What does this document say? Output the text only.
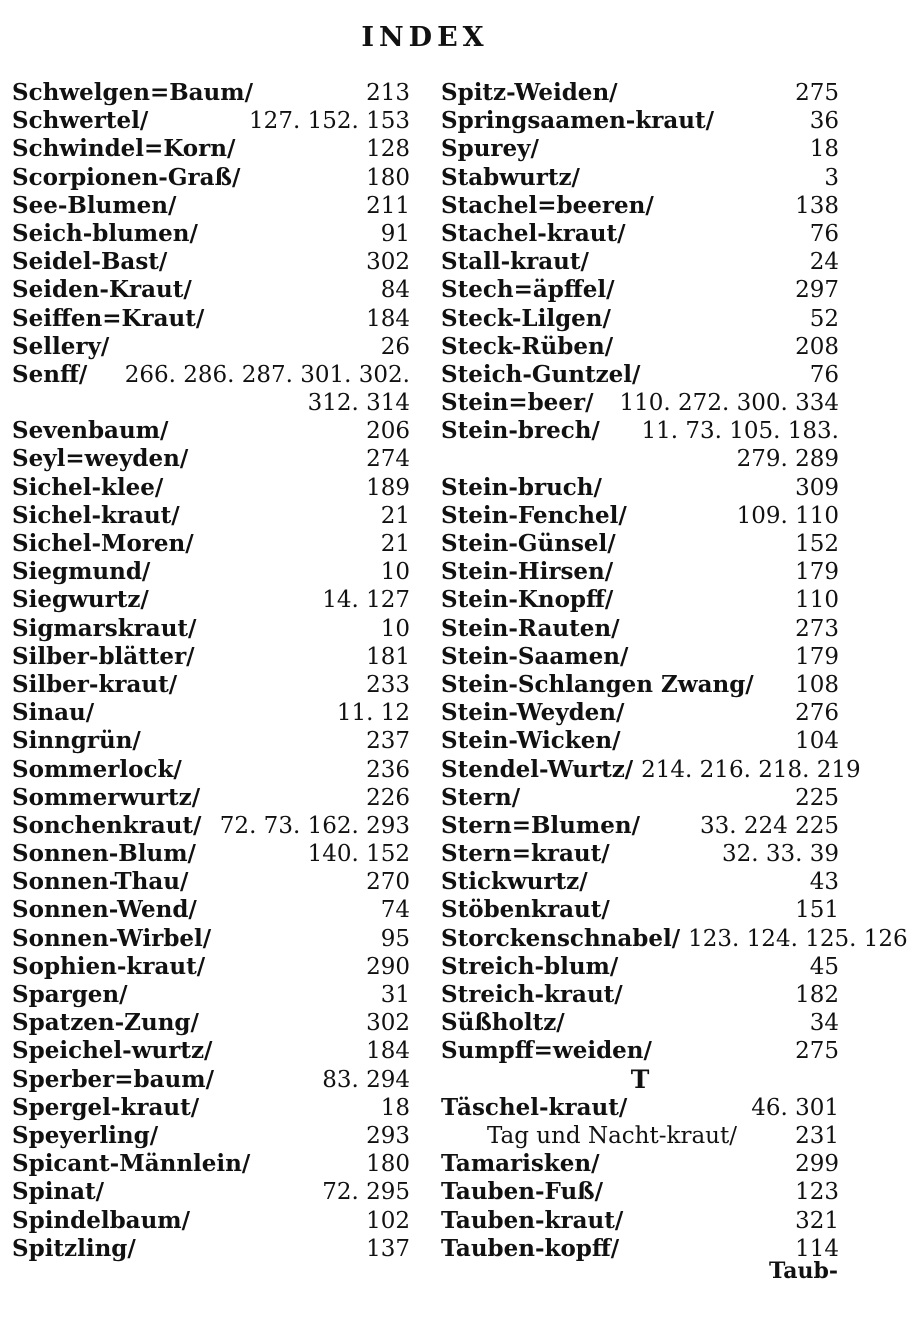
INDEX
Schwelgen=Baum/	213
Schwertel/	127. 152. 153
Schwindel=Korn/	128
Scorpionen-Graß/	180
See-Blumen/	211
Seich-blumen/	91
Seidel-Bast/	302
Seiden-Kraut/	84
Seiffen=Kraut/	184
Sellery/	26
Senff/	266. 286. 287. 301. 302.
312. 314
Sevenbaum/	206
Seyl=weyden/	274
Sichel-klee/	189
Sichel-kraut/	21
Sichel-Moren/	21
Siegmund/	10
Siegwurtz/	14. 127
Sigmarskraut/	10
Silber-blätter/	181
Silber-kraut/	233
Sinau/	11. 12
Sinngrün/	237
Sommerlock/	236
Sommerwurtz/	226
Sonchenkraut/ 72. 73. 162. 293
Sonnen-Blum/	140. 152
Sonnen-Thau/	270
Sonnen-Wend/	74
Sonnen-Wirbel/	95
Sophien-kraut/	290
Spargen/	31
Spatzen-Zung/	302
Speichel-wurtz/	184
Sperber=baum/	83. 294
Spergel-kraut/	18
Speyerling/	293
Spicant-Männlein/	180
Spinat/	72. 295
Spindelbaum/	102
Spitzling/	137
Spitz-Weiden/	275
Springsaamen-kraut/	36
Spurey/	18
Stabwurtz/	3
Stachel=beeren/	138
Stachel-kraut/	76
Stall-kraut/	24
Stech=äpffel/	297
Steck-Lilgen/	52
Steck-Rüben/	208
Steich-Guntzel/	76
Stein=beer/	110. 272. 300. 334
Stein-brech/	11. 73. 105. 183.
279. 289
Stein-bruch/	309
Stein-Fenchel/	109. 110
Stein-Günsel/	152
Stein-Hirsen/	179
Stein-Knopff/	110
Stein-Rauten/	273
Stein-Saamen/	179
Stein-Schlangen Zwang/	108
Stein-Weyden/	276
Stein-Wicken/	104
Stendel-Wurtz/ 214. 216. 218. 219
Stern/	225
Stern=Blumen/	33. 224 225
Stern=kraut/	32. 33. 39
Stickwurtz/	43
Stöbenkraut/	151
Storckenschnabel/ 123. 124. 125. 126
Streich-blum/	45
Streich-kraut/	182
Süßholtz/	34
Sumpff=weiden/	275
T
Täschel-kraut/	46. 301
Tag und Nacht-kraut/	231
Tamarisken/	299
Tauben-Fuß/	123
Tauben-kraut/	321
Tauben-kopff/	114
Taub-
